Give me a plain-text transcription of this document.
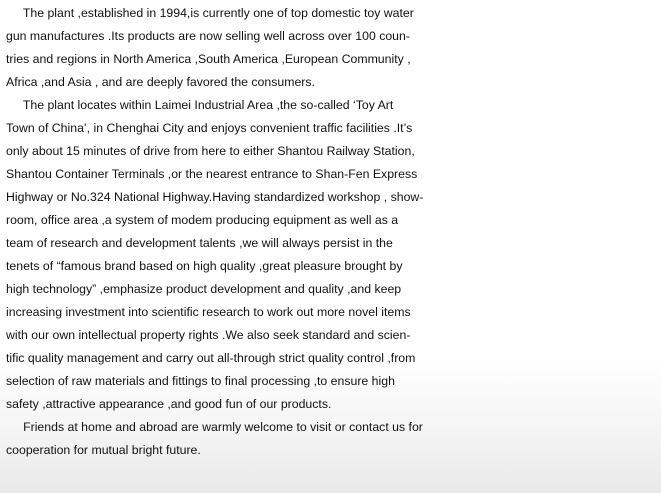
The plant ,established in 1994,is currently one of top domestic toy water
gun manufactures .Its products are now selling well across over 100 coun-
tries and regions in North America ,South America ,European Community ,
Africa ,and Asia , and are deeply favored the consumers.
The plant locates within Laimei Industrial Area ,the so-called ‘Toy Art
Town of China’, in Chenghai City and enjoys convenient traffic facilities .It’s
only about 15 minutes of drive from here to either Shantou Railway Station,
Shantou Container Terminals ,or the nearest entrance to Shan-Fen Express
Highway or No.324 National Highway.Having standardized workshop , show-
room, office area ,a system of modem producing equipment as well as a
team of research and development talents ,we will always persist in the
tenets of “famous brand based on high quality ,great pleasure brought by
high technology” ,emphasize product development and quality ,and keep
increasing investment into scientific research to work out more novel items
with our own intellectual property rights .We also seek standard and scien-
tific quality management and carry out all-through strict quality control ,from
selection of raw materials and fittings to final processing ,to ensure high
safety ,attractive appearance ,and good fun of our products.
Friends at home and abroad are warmly welcome to visit or contact us for
cooperation for mutual bright future.
